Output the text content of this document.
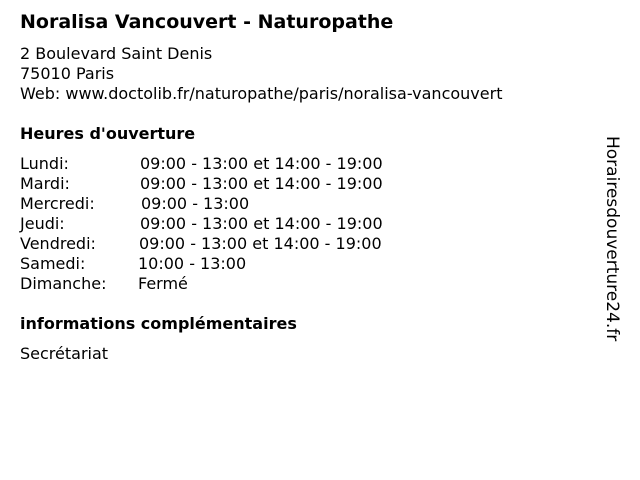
Noralisa Vancouvert - Naturopathe
2 Boulevard Saint Denis
75010 Paris
Web: www.doctolib.fr/naturopathe/paris/noralisa-vancouvert
Heures d'ouverture
Lundi:	09:00 - 13:00 et 14:00 - 19:00
Mardi:	09:00 - 13:00 et 14:00 - 19:00
Mercredi:	09:00 - 13:00
Jeudi:	09:00 - 13:00 et 14:00 - 19:00
Vendredi:	09:00 - 13:00 et 14:00 - 19:00
Samedi:	10:00 - 13:00
Dimanche: Fermé
informations complémentaires
Secrétariat
Horairesdouverture24.fr
